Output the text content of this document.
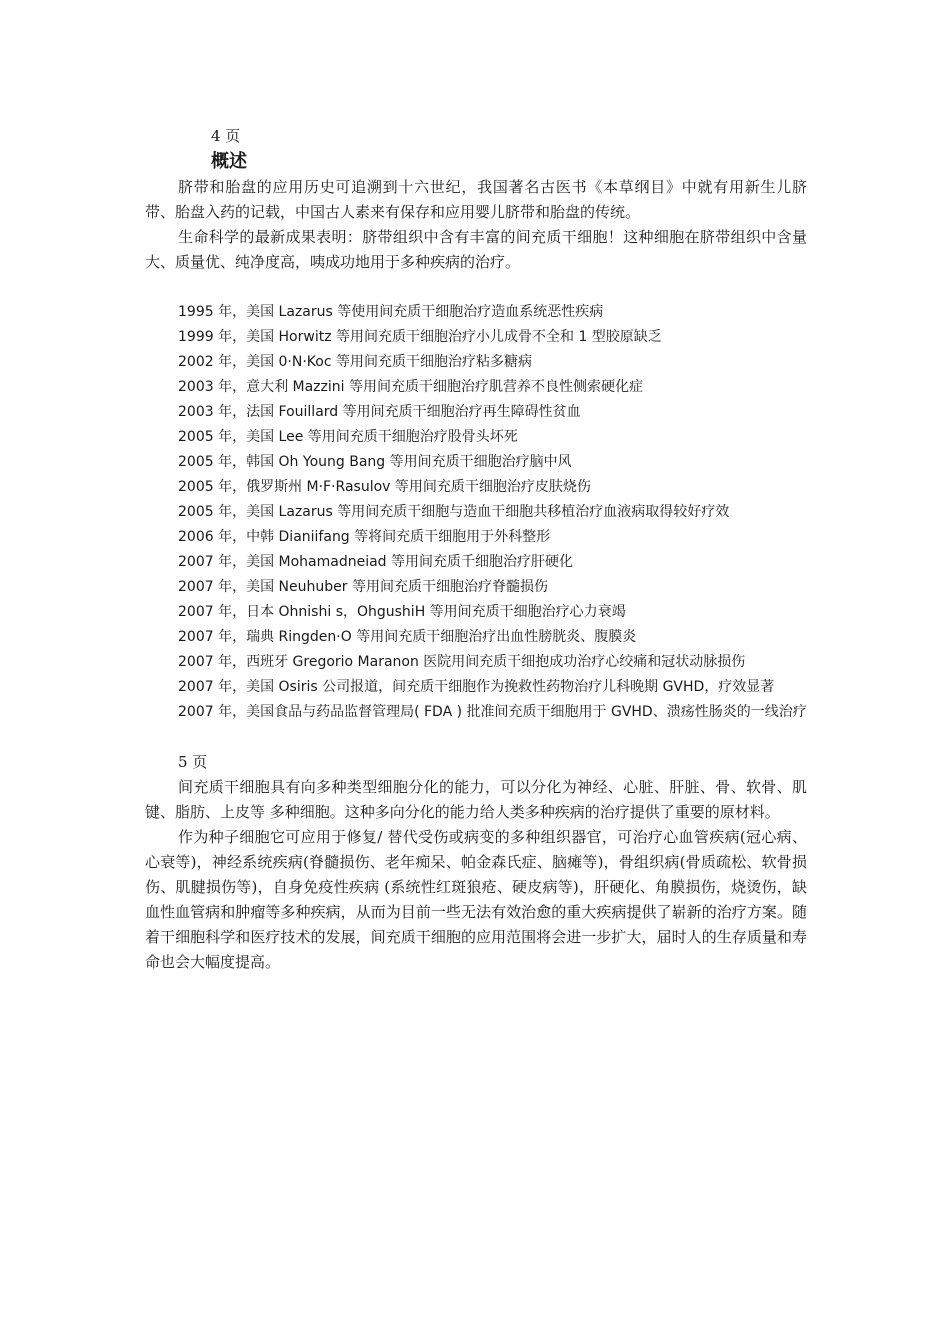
4 页

概述

脐带和胎盘的应用历史可追溯到十六世纪，我国著名古医书《本草纲目》中就有用新生儿脐带、胎盘入药的记载，中国古人素来有保存和应用婴儿脐带和胎盘的传统。

生命科学的最新成果表明：脐带组织中含有丰富的间充质干细胞！这种细胞在脐带组织中含量大、质量优、纯净度高，咦成功地用于多种疾病的治疗。

1995 年，美国 Lazarus 等使用间充质干细胞治疗造血系统恶性疾病
1999 年，美国 Horwitz 等用间充质干细胞治疗小儿成骨不全和 1 型胶原缺乏
2002 年，美国 0·N·Koc 等用间充质干细胞治疗粘多糖病
2003 年，意大利 Mazzini 等用间充质干细胞治疗肌营养不良性侧索硬化症
2003 年，法国 Fouillard 等用间充质干细胞治疗再生障碍性贫血
2005 年，美国 Lee 等用间充质干细胞治疗股骨头坏死
2005 年，韩国 Oh Young Bang 等用间充质干细胞治疗脑中风
2005 年，俄罗斯州 M·F·Rasulov 等用间充质干细胞治疗皮肤烧伤
2005 年，美国 Lazarus 等用间充质干细胞与造血干细胞共移植治疗血液病取得较好疗效
2006 年，中韩 Dianiifang 等将间充质干细胞用于外科整形
2007 年，美国 Mohamadneiad 等用间充质千细胞治疗肝硬化
2007 年，美国 Neuhuber 等用间充质干细胞治疗脊髓损伤
2007 年，日本 Ohnishi s，OhgushiH 等用间充质干细胞治疗心力衰竭
2007 年，瑞典 Ringden·O 等用间充质干细胞治疗出血性膀胱炎、腹膜炎
2007 年，西班牙 Gregorio Maranon 医院用间充质干细抱成功治疗心绞痛和冠状动脉损伤
2007 年，美国 Osiris 公司报道，间充质干细胞作为挽救性药物治疗儿科晚期 GVHD，疗效显著
2007 年，美国食品与药品监督管理局( FDA ) 批准间充质干细胞用于 GVHD、溃疡性肠炎的一线治疗

5 页

间充质干细胞具有向多种类型细胞分化的能力，可以分化为神经、心脏、肝脏、骨、软骨、肌键、脂肪、上皮等 多种细胞。这种多向分化的能力给人类多种疾病的治疗提供了重要的原材料。

作为种子细胞它可应用于修复/ 替代受伤或病变的多种组织器官，可治疗心血管疾病(冠心病、心衰等)，神经系统疾病(脊髓损伤、老年痴呆、帕金森氏症、脑瘫等)，骨组织病(骨质疏松、软骨损伤、肌腱损伤等)，自身免疫性疾病 (系统性红斑狼疮、硬皮病等)，肝硬化、角膜损伤，烧烫伤，缺血性血管病和肿瘤等多种疾病，从而为目前一些无法有效治愈的重大疾病提供了崭新的治疗方案。随着干细胞科学和医疗技术的发展，间充质干细胞的应用范围将会进一步扩大，届时人的生存质量和寿命也会大幅度提高。
